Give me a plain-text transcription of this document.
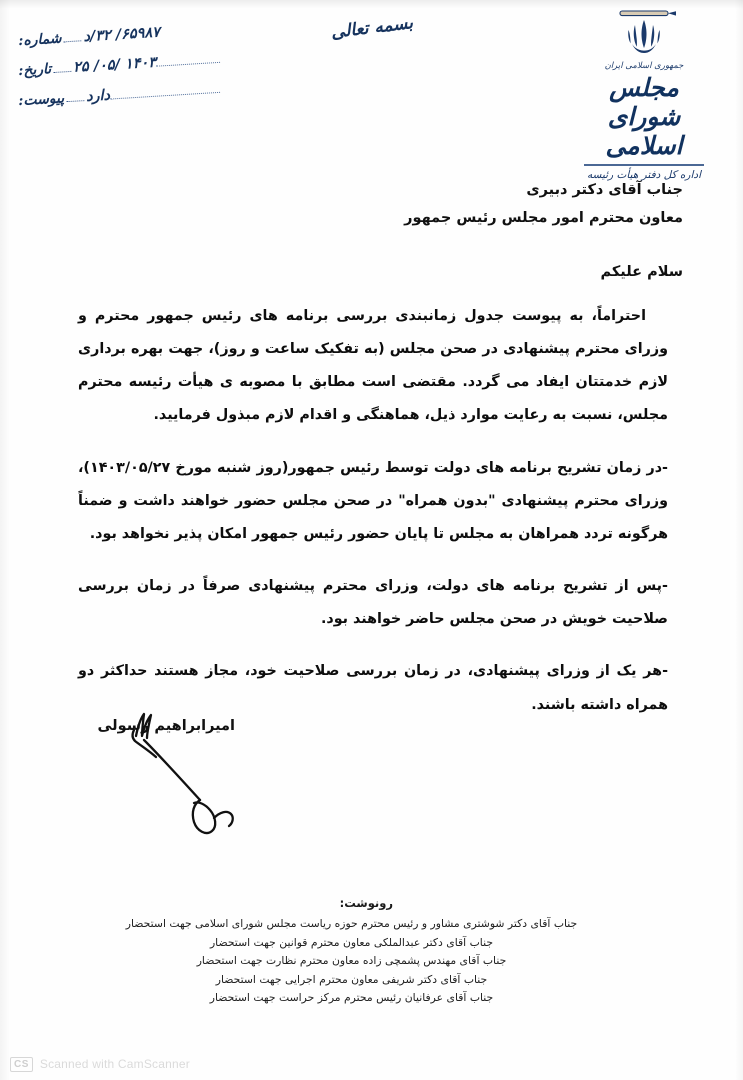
جمهوری اسلامی ایران
مجلس شورای اسلامی
اداره کل دفتر هیأت رئیسه
بسمه تعالی
شماره: ۶۵۹۸۷/ ۳۲/د
تاریخ: ۱۴۰۳ /۰۵/ ۲۵
پیوست: دارد
جناب آقای دکتر دبیری
معاون محترم امور مجلس رئیس جمهور
سلام علیکم

احتراماً، به پیوست جدول زمانبندی بررسی برنامه های رئیس جمهور محترم و وزرای محترم پیشنهادی در صحن مجلس (به تفکیک ساعت و روز)، جهت بهره برداری لازم خدمتتان ایفاد می گردد. مقتضی است مطابق با مصوبه ی هیأت رئیسه محترم مجلس، نسبت به رعایت موارد ذیل، هماهنگی و اقدام لازم مبذول فرمایید.

-در زمان تشریح برنامه های دولت توسط رئیس جمهور(روز شنبه مورخ ۱۴۰۳/۰۵/۲۷)، وزرای محترم پیشنهادی "بدون همراه" در صحن مجلس حضور خواهند داشت و ضمناً هرگونه تردد همراهان به مجلس تا پایان حضور رئیس جمهور امکان پذیر نخواهد بود.

-پس از تشریح برنامه های دولت، وزرای محترم پیشنهادی صرفاً در زمان بررسی صلاحیت خویش در صحن مجلس حاضر خواهند بود.

-هر یک از وزرای پیشنهادی، در زمان بررسی صلاحیت خود، مجاز هستند حداکثر دو همراه داشته باشند.

امیرابراهیم رسولی
رونوشت:
جناب آقای دکتر شوشتری مشاور و رئیس محترم حوزه ریاست مجلس شورای اسلامی جهت استحضار
جناب آقای دکتر عبدالملکی معاون محترم قوانین جهت استحضار
جناب آقای مهندس پشمچی زاده معاون محترم نظارت جهت استحضار
جناب آقای دکتر شریفی معاون محترم اجرایی جهت استحضار
جناب آقای عرفانیان رئیس محترم مرکز حراست جهت استحضار
CS Scanned with CamScanner
